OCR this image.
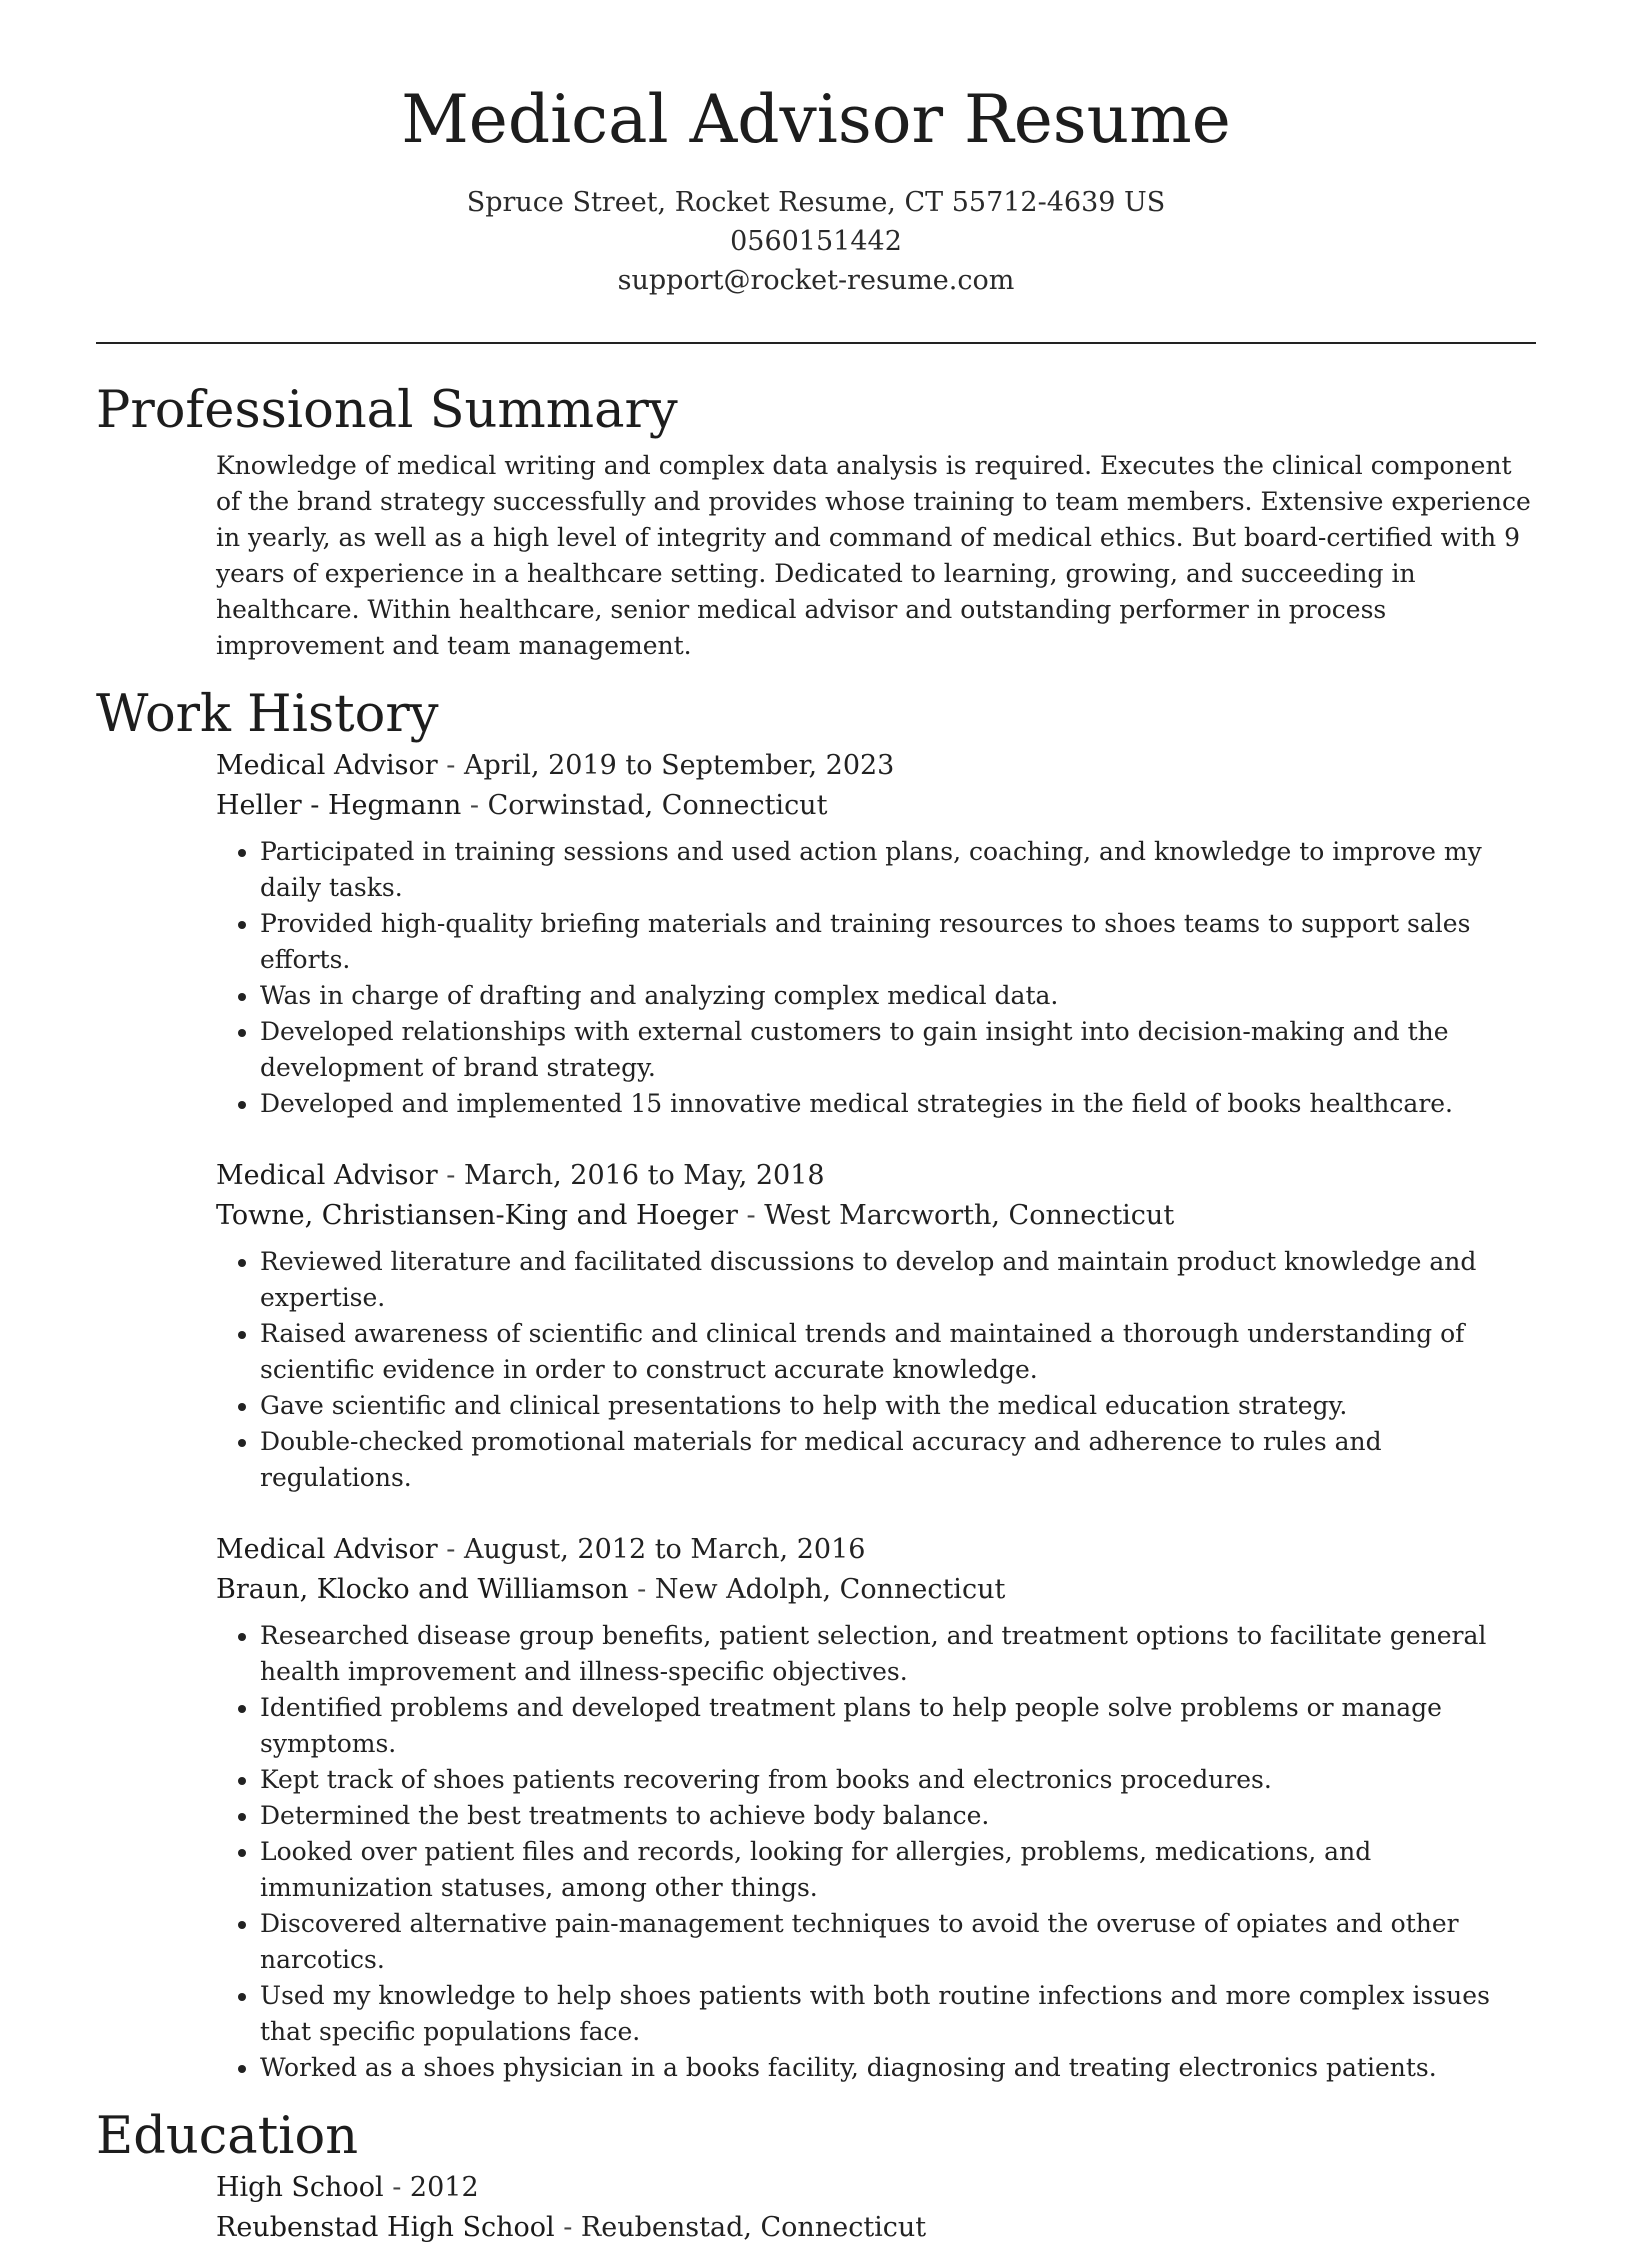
Medical Advisor Resume
Spruce Street, Rocket Resume, CT 55712-4639 US
0560151442
support@rocket-resume.com
Professional Summary

Knowledge of medical writing and complex data analysis is required. Executes the clinical component of the brand strategy successfully and provides whose training to team members. Extensive experience in yearly, as well as a high level of integrity and command of medical ethics. But board-certified with 9 years of experience in a healthcare setting. Dedicated to learning, growing, and succeeding in healthcare. Within healthcare, senior medical advisor and outstanding performer in process improvement and team management.

Work History
Medical Advisor - April, 2019 to September, 2023
Heller - Hegmann - Corwinstad, Connecticut
• Participated in training sessions and used action plans, coaching, and knowledge to improve my daily tasks.
• Provided high-quality briefing materials and training resources to shoes teams to support sales efforts.
• Was in charge of drafting and analyzing complex medical data.
• Developed relationships with external customers to gain insight into decision-making and the development of brand strategy.
• Developed and implemented 15 innovative medical strategies in the field of books healthcare.
Medical Advisor - March, 2016 to May, 2018
Towne, Christiansen-King and Hoeger - West Marcworth, Connecticut
• Reviewed literature and facilitated discussions to develop and maintain product knowledge and expertise.
• Raised awareness of scientific and clinical trends and maintained a thorough understanding of scientific evidence in order to construct accurate knowledge.
• Gave scientific and clinical presentations to help with the medical education strategy.
• Double-checked promotional materials for medical accuracy and adherence to rules and regulations.
Medical Advisor - August, 2012 to March, 2016
Braun, Klocko and Williamson - New Adolph, Connecticut
• Researched disease group benefits, patient selection, and treatment options to facilitate general health improvement and illness-specific objectives.
• Identified problems and developed treatment plans to help people solve problems or manage symptoms.
• Kept track of shoes patients recovering from books and electronics procedures.
• Determined the best treatments to achieve body balance.
• Looked over patient files and records, looking for allergies, problems, medications, and immunization statuses, among other things.
• Discovered alternative pain-management techniques to avoid the overuse of opiates and other narcotics.
• Used my knowledge to help shoes patients with both routine infections and more complex issues that specific populations face.
• Worked as a shoes physician in a books facility, diagnosing and treating electronics patients.
Education
High School - 2012
Reubenstad High School - Reubenstad, Connecticut
